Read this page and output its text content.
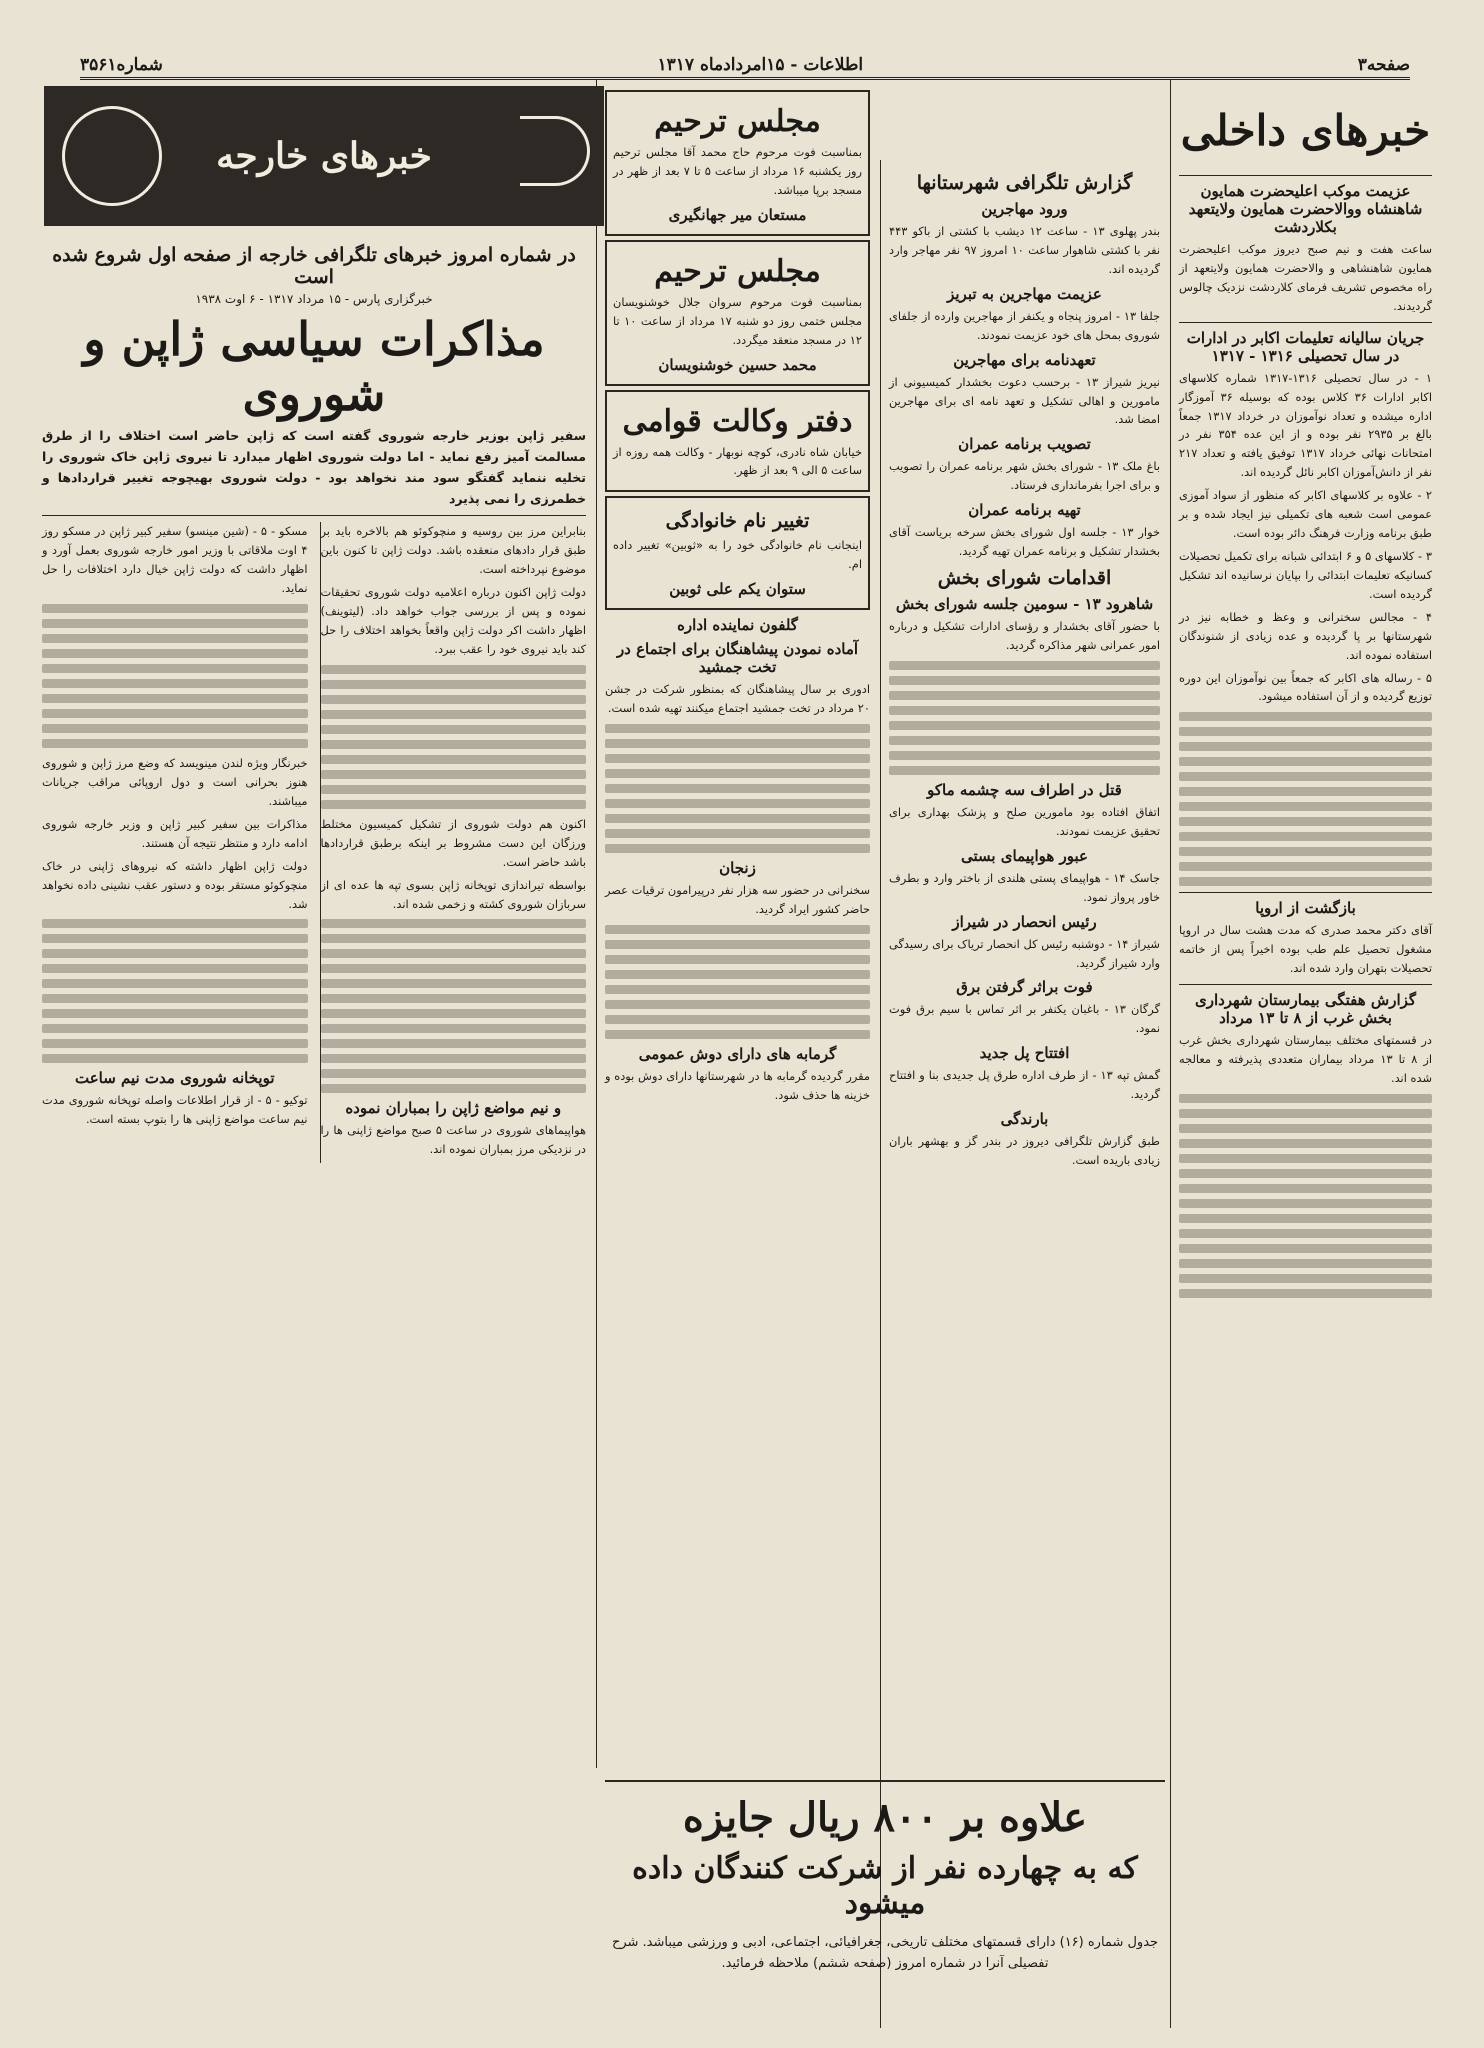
صفحه۳
اطلاعات - ۱۵امرداد‌ماه ۱۳۱۷
شماره۳۵۶۱
خبرهای داخلی
عزیمت موکب اعلیحضرت همایون شاهنشاه ووالاحضرت همایون ولایتعهد بکلاردشت

ساعت هفت و نیم صبح دیروز موکب اعلیحضرت همایون شاهنشاهی و والاحضرت همایون ولایتعهد از راه مخصوص تشریف فرمای کلاردشت نزدیک چالوس گردیدند.

جریان سالیانه تعلیمات اکابر در ادارات در سال تحصیلی ۱۳۱۶ - ۱۳۱۷

۱ - در سال تحصیلی ۱۳۱۶-۱۳۱۷ شماره کلاسهای اکابر ادارات ۳۶ کلاس بوده که بوسیله ۳۶ آموزگار اداره میشده و تعداد نوآموزان در خرداد ۱۳۱۷ جمعاً بالغ بر ۲۹۳۵ نفر بوده و از این عده ۳۵۴ نفر در امتحانات نهائی خرداد ۱۳۱۷ توفیق یافته و تعداد ۲۱۷ نفر از دانش‌آموزان اکابر نائل گردیده اند.

۲ - علاوه بر کلاسهای اکابر که منظور از سواد آموزی عمومی است شعبه های تکمیلی نیز ایجاد شده و بر طبق برنامه وزارت فرهنگ دائر بوده است.

۳ - کلاسهای ۵ و ۶ ابتدائی شبانه برای تکمیل تحصیلات کسانیکه تعلیمات ابتدائی را بپایان نرسانیده اند تشکیل گردیده است.

۴ - مجالس سخنرانی و وعظ و خطابه نیز در شهرستانها بر پا گردیده و عده زیادی از شنوندگان استفاده نموده اند.

۵ - رساله های اکابر که جمعاً بین نوآموزان این دوره توزیع گردیده و از آن استفاده میشود.

بازگشت از اروپا

آقای دکتر محمد صدری که مدت هشت سال در اروپا مشغول تحصیل علم طب بوده اخیراً پس از خاتمه تحصیلات بتهران وارد شده اند.

گزارش هفتگی بیمارستان شهرداری بخش غرب از ۸ تا ۱۳ مرداد

در قسمتهای مختلف بیمارستان شهرداری بخش غرب از ۸ تا ۱۳ مرداد بیماران متعددی پذیرفته و معالجه شده اند.

گزارش تلگرافی شهرستانها
ورود مهاجرین

بندر پهلوی ۱۳ - ساعت ۱۲ دیشب با کشتی از باکو ۴۴۳ نفر با کشتی شاهوار ساعت ۱۰ امروز ۹۷ نفر مهاجر وارد گردیده اند.

عزیمت مهاجرین به تبریز

جلفا ۱۳ - امروز پنجاه و یکنفر از مهاجرین وارده از جلفای شوروی بمحل های خود عزیمت نمودند.

تعهدنامه برای مهاجرین

نیریز شیراز ۱۳ - برحسب دعوت بخشدار کمیسیونی از مامورین و اهالی تشکیل و تعهد نامه ای برای مهاجرین امضا شد.

تصویب برنامه عمران

باغ ملک ۱۳ - شورای بخش شهر برنامه عمران را تصویب و برای اجرا بفرمانداری فرستاد.

تهیه برنامه عمران

خوار ۱۳ - جلسه اول شورای بخش سرخه بریاست آقای بخشدار تشکیل و برنامه عمران تهیه گردید.

اقدامات شورای بخش
شاهرود ۱۳ - سومین جلسه شورای بخش

با حضور آقای بخشدار و رؤسای ادارات تشکیل و درباره امور عمرانی شهر مذاکره گردید.

قتل در اطراف سه چشمه ماکو

اتفاق افتاده بود مامورین صلح و پزشک بهداری برای تحقیق عزیمت نمودند.

عبور هواپیمای بستی

جاسک ۱۴ - هواپیمای پستی هلندی از باختر وارد و بطرف خاور پرواز نمود.

رئیس انحصار در شیراز

شیراز ۱۴ - دوشنبه رئیس کل انحصار تریاک برای رسیدگی وارد شیراز گردید.

فوت براثر گرفتن برق

گرگان ۱۳ - باغبان یکنفر بر اثر تماس با سیم برق فوت نمود.

افتتاح پل جدید

گمش تپه ۱۳ - از طرف اداره طرق پل جدیدی بنا و افتتاح گردید.

بارندگی

طبق گزارش تلگرافی دیروز در بندر گز و بهشهر باران زیادی باریده است.

مجلس ترحیم

بمناسبت فوت مرحوم حاج محمد آقا مجلس ترحیم روز یکشنبه ۱۶ مرداد از ساعت ۵ تا ۷ بعد از ظهر در مسجد برپا میباشد.

مستعان میر جهانگیری
مجلس ترحیم

بمناسبت فوت مرحوم سروان جلال خوشنویسان مجلس ختمی روز دو شنبه ۱۷ مرداد از ساعت ۱۰ تا ۱۲ در مسجد منعقد میگردد.

محمد حسین خوشنویسان
دفتر وکالت قوامی

خیابان شاه نادری، کوچه نوبهار - وکالت همه روزه از ساعت ۵ الی ۹ بعد از ظهر.

تغییر نام خانوادگی

اینجانب نام خانوادگی خود را به «ثوبین» تغییر داده ام.

ستوان یکم علی ثوبین
گلفون نماینده اداره
آماده نمودن پیشاهنگان برای اجتماع در تخت جمشید

ادوری بر سال پیشاهنگان که بمنظور شرکت در جشن ۲۰ مرداد در تخت جمشید اجتماع میکنند تهیه شده است.

زنجان

سخنرانی در حضور سه هزار نفر درپیرامون ترقیات عصر حاضر کشور ایراد گردید.

گرمابه های دارای دوش عمومی

مقرر گردیده گرمابه ها در شهرستانها دارای دوش بوده و خزینه ها حذف شود.

خبرهای خارجه
در شماره امروز خبرهای تلگرافی خارجه از صفحه اول شروع شده است
خبرگزاری پارس - ۱۵ مرداد ۱۳۱۷ - ۶ اوت ۱۹۳۸
مذاکرات سیاسی ژاپن و شوروی

سفیر ژاپن بوزیر خارجه شوروی گفته است که ژاپن حاضر است اختلاف را از طرق مسالمت آمیز رفع نماید - اما دولت شوروی اظهار میدارد تا نیروی ژاپن خاک شوروی را تخلیه ننماید گفتگو سود مند نخواهد بود - دولت شوروی بهیچوجه تغییر قراردادها و خطمرزی را نمی پذیرد

بنابراین مرز بین روسیه و منچوکوئو هم بالاخره باید بر طبق قرار دادهای منعقده باشد. دولت ژاپن تا کنون باین موضوع نپرداخته است.

دولت ژاپن اکنون درباره اعلامیه دولت شوروی تحقیقات نموده و پس از بررسی جواب خواهد داد. (لیتوینف) اظهار داشت اکر دولت ژاپن واقعاً بخواهد اختلاف را حل کند باید نیروی خود را عقب ببرد.

اکنون هم دولت شوروی از تشکیل کمیسیون مختلط ورزگان این دست مشروط بر اینکه برطبق قراردادها باشد حاضر است.

بواسطه تیراندازی توپخانه ژاپن بسوی تپه ها عده ای از سربازان شوروی کشته و زخمی شده اند.

و نیم مواضع ژاپن را بمباران نموده

هواپیماهای شوروی در ساعت ۵ صبح مواضع ژاپنی ها را در نزدیکی مرز بمباران نموده اند.

مسکو - ۵ - (شین مینسو) سفیر کبیر ژاپن در مسکو روز ۴ اوت ملاقاتی با وزیر امور خارجه شوروی بعمل آورد و اظهار داشت که دولت ژاپن خیال دارد اختلافات را حل نماید.

خبرنگار ویژه لندن مینویسد که وضع مرز ژاپن و شوروی هنوز بحرانی است و دول اروپائی مراقب جریانات میباشند.

مذاکرات بین سفیر کبیر ژاپن و وزیر خارجه شوروی ادامه دارد و منتظر نتیجه آن هستند.

دولت ژاپن اظهار داشته که نیروهای ژاپنی در خاک منچوکوئو مستقر بوده و دستور عقب نشینی داده نخواهد شد.

توپخانه شوروی مدت نیم ساعت

توکیو - ۵ - از قرار اطلاعات واصله توپخانه شوروی مدت نیم ساعت مواضع ژاپنی ها را بتوپ بسته است.

علاوه بر ۸۰۰ ریال جایزه
که به چهارده نفر از شرکت کنندگان داده میشود
جدول شماره (۱۶) دارای قسمتهای مختلف تاریخی، جغرافیائی، اجتماعی، ادبی و ورزشی میباشد. شرح تفصیلی آنرا در شماره امروز (صفحه ششم) ملاحظه فرمائید.
